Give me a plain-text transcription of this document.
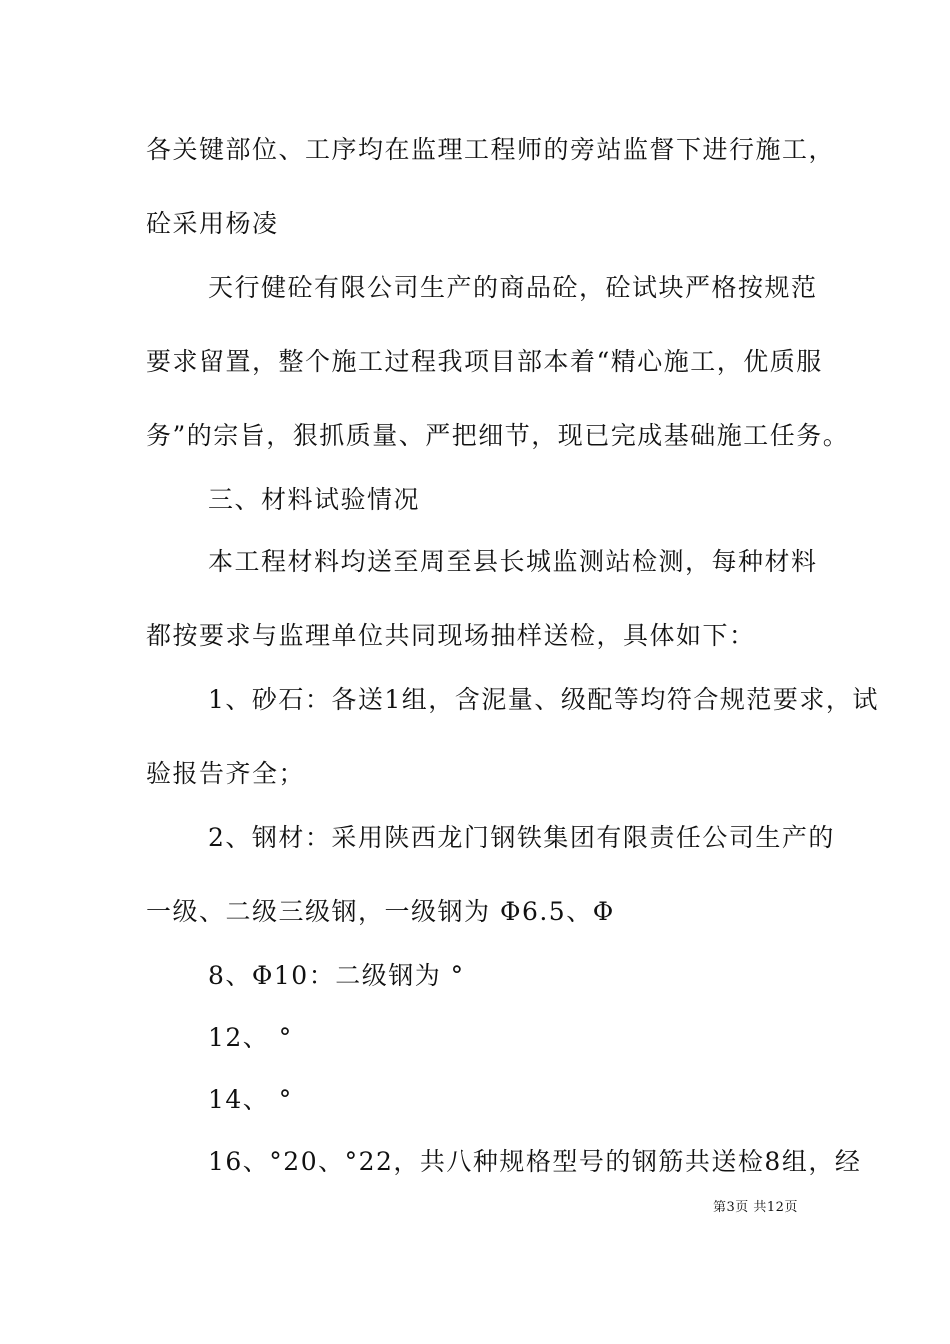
各关键部位、工序均在监理工程师的旁站监督下进行施工，
砼采用杨凌
天行健砼有限公司生产的商品砼，砼试块严格按规范
要求留置，整个施工过程我项目部本着“精心施工，优质服
务”的宗旨，狠抓质量、严把细节，现已完成基础施工任务。
三、材料试验情况
本工程材料均送至周至县长城监测站检测，每种材料
都按要求与监理单位共同现场抽样送检，具体如下：
1、砂石：各送1组，含泥量、级配等均符合规范要求，试
验报告齐全；
2、钢材：采用陕西龙门钢铁集团有限责任公司生产的
一级、二级三级钢，一级钢为 Φ6.5、Φ
8、Φ10：二级钢为 °
12、 °
14、 °
16、°20、°22，共八种规格型号的钢筋共送检8组，经
第3页 共12页
